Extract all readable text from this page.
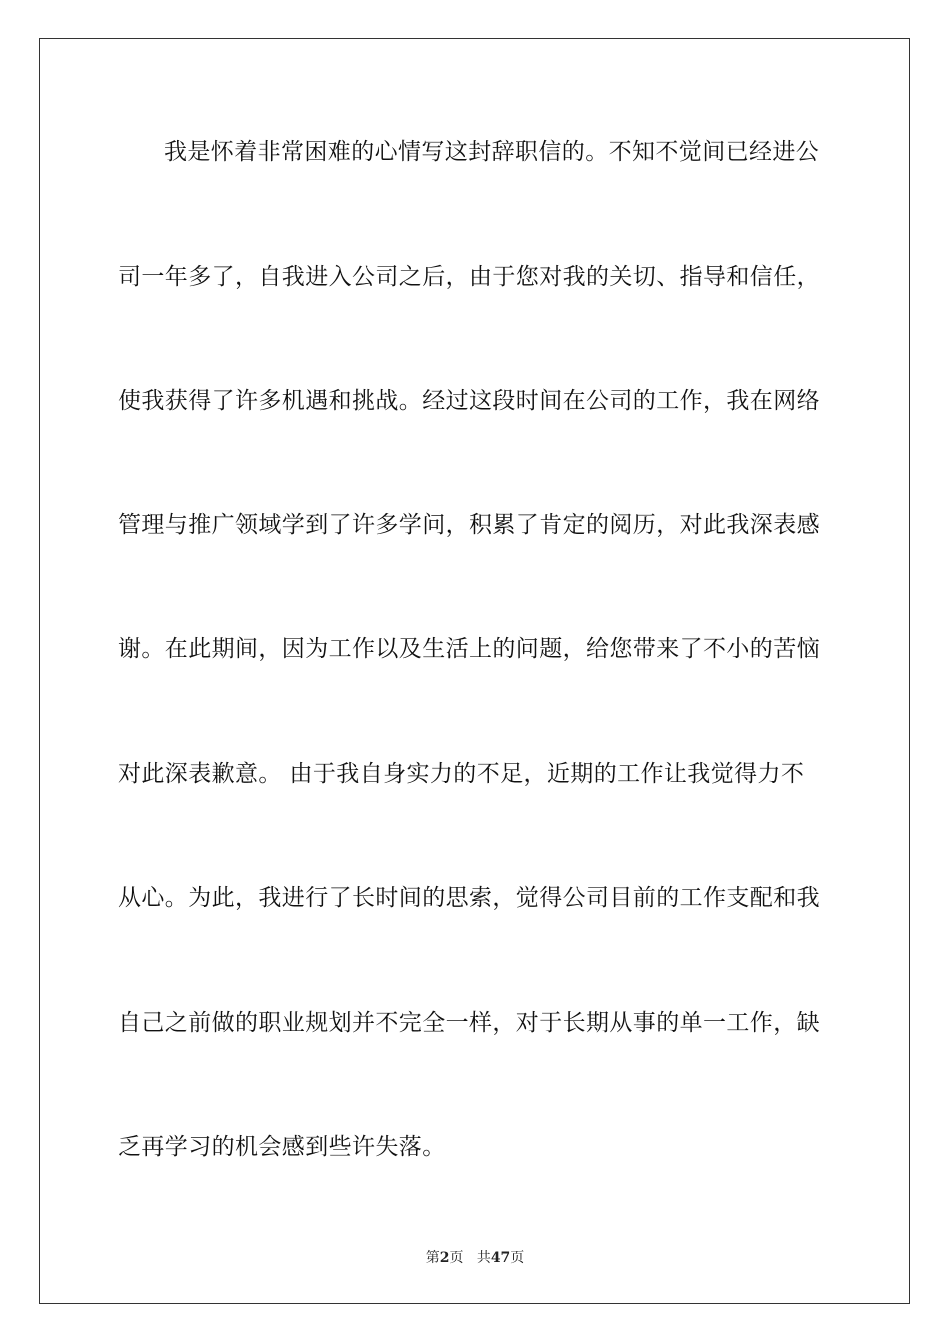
我是怀着非常困难的心情写这封辞职信的。不知不觉间已经进公
司一年多了，自我进入公司之后，由于您对我的关切、指导和信任，
使我获得了许多机遇和挑战。经过这段时间在公司的工作，我在网络
管理与推广领域学到了许多学问，积累了肯定的阅历，对此我深表感
谢。在此期间，因为工作以及生活上的问题，给您带来了不小的苦恼
对此深表歉意。 由于我自身实力的不足，近期的工作让我觉得力不
从心。为此，我进行了长时间的思索，觉得公司目前的工作支配和我
自己之前做的职业规划并不完全一样，对于长期从事的单一工作，缺
乏再学习的机会感到些许失落。
第2页 共47页
